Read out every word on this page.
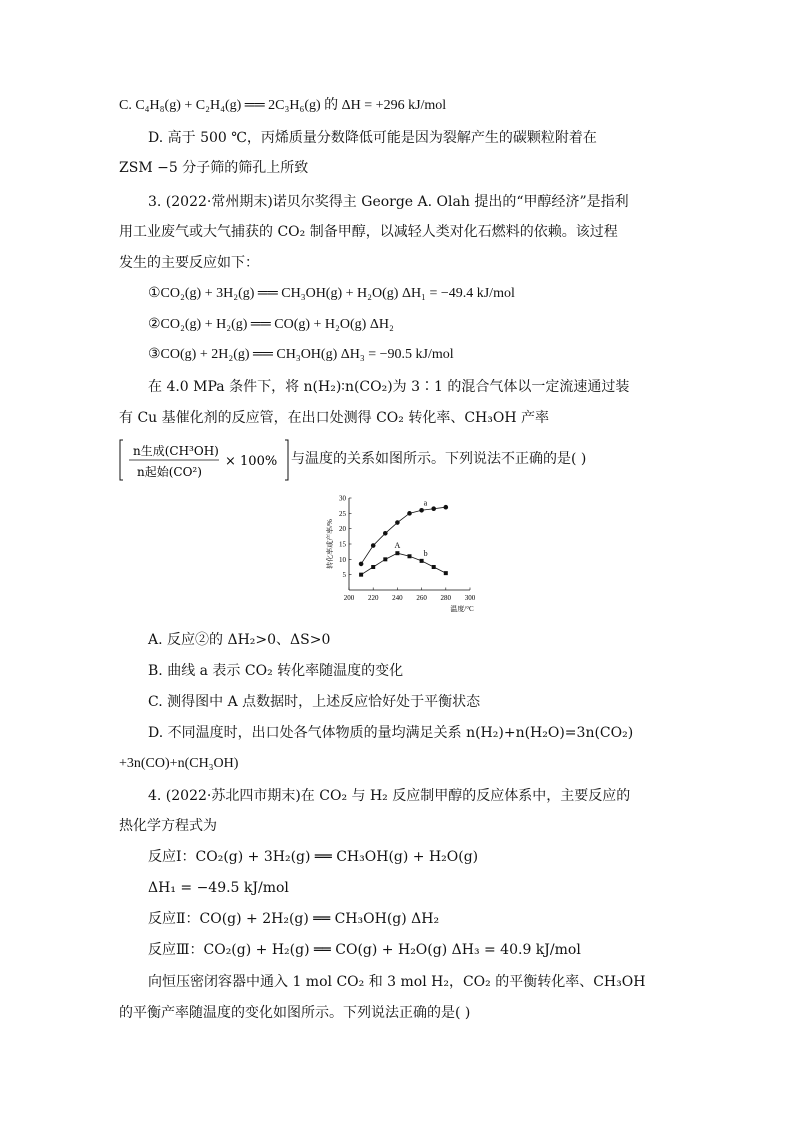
C. C₄H₈(g) + C₂H₄(g) ══ 2C₃H₆(g) 的 ΔH = +296 kJ/mol
D. 高于 500 ℃，丙烯质量分数降低可能是因为裂解产生的碳颗粒附着在
ZSM −5 分子筛的筛孔上所致
3. (2022·常州期末)诺贝尔奖得主 George A. Olah 提出的“甲醇经济”是指利
用工业废气或大气捕获的 CO₂ 制备甲醇，以减轻人类对化石燃料的依赖。该过程
发生的主要反应如下：
①CO₂(g) + 3H₂(g) ══ CH₃OH(g) + H₂O(g) ΔH₁ = −49.4 kJ/mol
②CO₂(g) + H₂(g) ══ CO(g) + H₂O(g) ΔH₂
③CO(g) + 2H₂(g) ══ CH₃OH(g) ΔH₃ = −90.5 kJ/mol
在 4.0 MPa 条件下，将 n(H₂)∶n(CO₂)为 3∶1 的混合气体以一定流速通过装
有 Cu 基催化剂的反应管，在出口处测得 CO₂ 转化率、CH₃OH 产率
n生成(CH³OH)
n起始(CO²)
× 100% 与温度的关系如图所示。下列说法不正确的是( )
200 220 240 260 280 300
5
10
15
20
25
30
温度/°C
转化率或产率/%
a
b
A
A. 反应②的 ΔH₂>0、ΔS>0
B. 曲线 a 表示 CO₂ 转化率随温度的变化
C. 测得图中 A 点数据时，上述反应恰好处于平衡状态
D. 不同温度时，出口处各气体物质的量均满足关系 n(H₂)+n(H₂O)=3n(CO₂)
+3n(CO)+n(CH₃OH)
4. (2022·苏北四市期末)在 CO₂ 与 H₂ 反应制甲醇的反应体系中，主要反应的
热化学方程式为
反应Ⅰ：CO₂(g) + 3H₂(g) ══ CH₃OH(g) + H₂O(g)
ΔH₁ = −49.5 kJ/mol
反应Ⅱ：CO(g) + 2H₂(g) ══ CH₃OH(g) ΔH₂
反应Ⅲ：CO₂(g) + H₂(g) ══ CO(g) + H₂O(g) ΔH₃ = 40.9 kJ/mol
向恒压密闭容器中通入 1 mol CO₂ 和 3 mol H₂，CO₂ 的平衡转化率、CH₃OH
的平衡产率随温度的变化如图所示。下列说法正确的是( )
